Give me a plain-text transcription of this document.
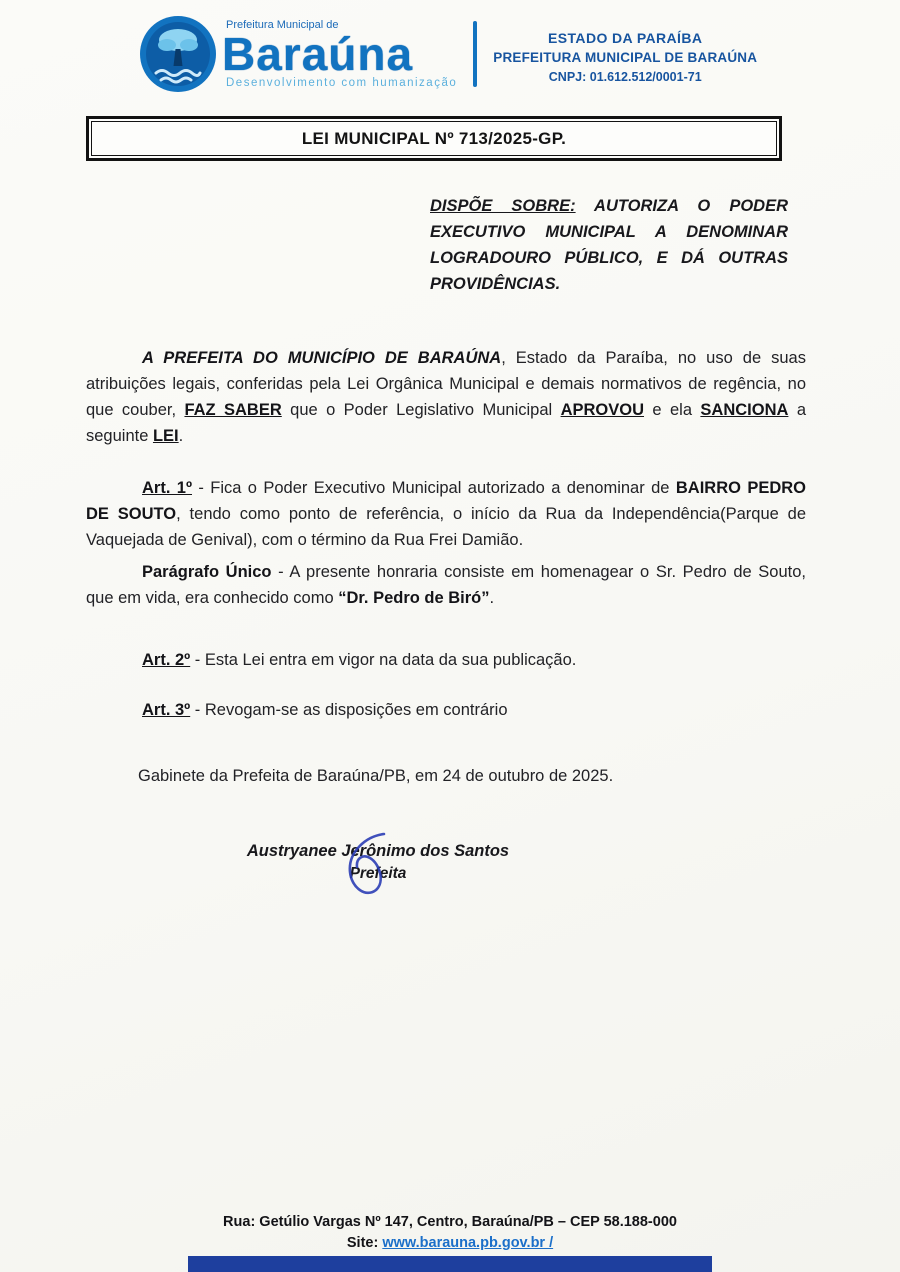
Prefeitura Municipal de
Baraúna
Desenvolvimento com humanização
ESTADO DA PARAÍBA
PREFEITURA MUNICIPAL DE BARAÚNA
CNPJ: 01.612.512/0001-71
LEI MUNICIPAL Nº 713/2025-GP.
DISPÕE SOBRE: AUTORIZA O PODER EXECUTIVO MUNICIPAL A DENOMINAR LOGRADOURO PÚBLICO, E DÁ OUTRAS PROVIDÊNCIAS.

A PREFEITA DO MUNICÍPIO DE BARAÚNA, Estado da Paraíba, no uso de suas atribuições legais, conferidas pela Lei Orgânica Municipal e demais normativos de regência, no que couber, FAZ SABER que o Poder Legislativo Municipal APROVOU e ela SANCIONA a seguinte LEI.

Art. 1º - Fica o Poder Executivo Municipal autorizado a denominar de BAIRRO PEDRO DE SOUTO, tendo como ponto de referência, o início da Rua da Independência(Parque de Vaquejada de Genival), com o término da Rua Frei Damião.

Parágrafo Único - A presente honraria consiste em homenagear o Sr. Pedro de Souto, que em vida, era conhecido como “Dr. Pedro de Biró”.

Art. 2º - Esta Lei entra em vigor na data da sua publicação.

Art. 3º - Revogam-se as disposições em contrário

Gabinete da Prefeita de Baraúna/PB, em 24 de outubro de 2025.
Austryanee Jerônimo dos Santos
Prefeita
Rua: Getúlio Vargas Nº 147, Centro, Baraúna/PB – CEP 58.188-000
Site: www.barauna.pb.gov.br /
